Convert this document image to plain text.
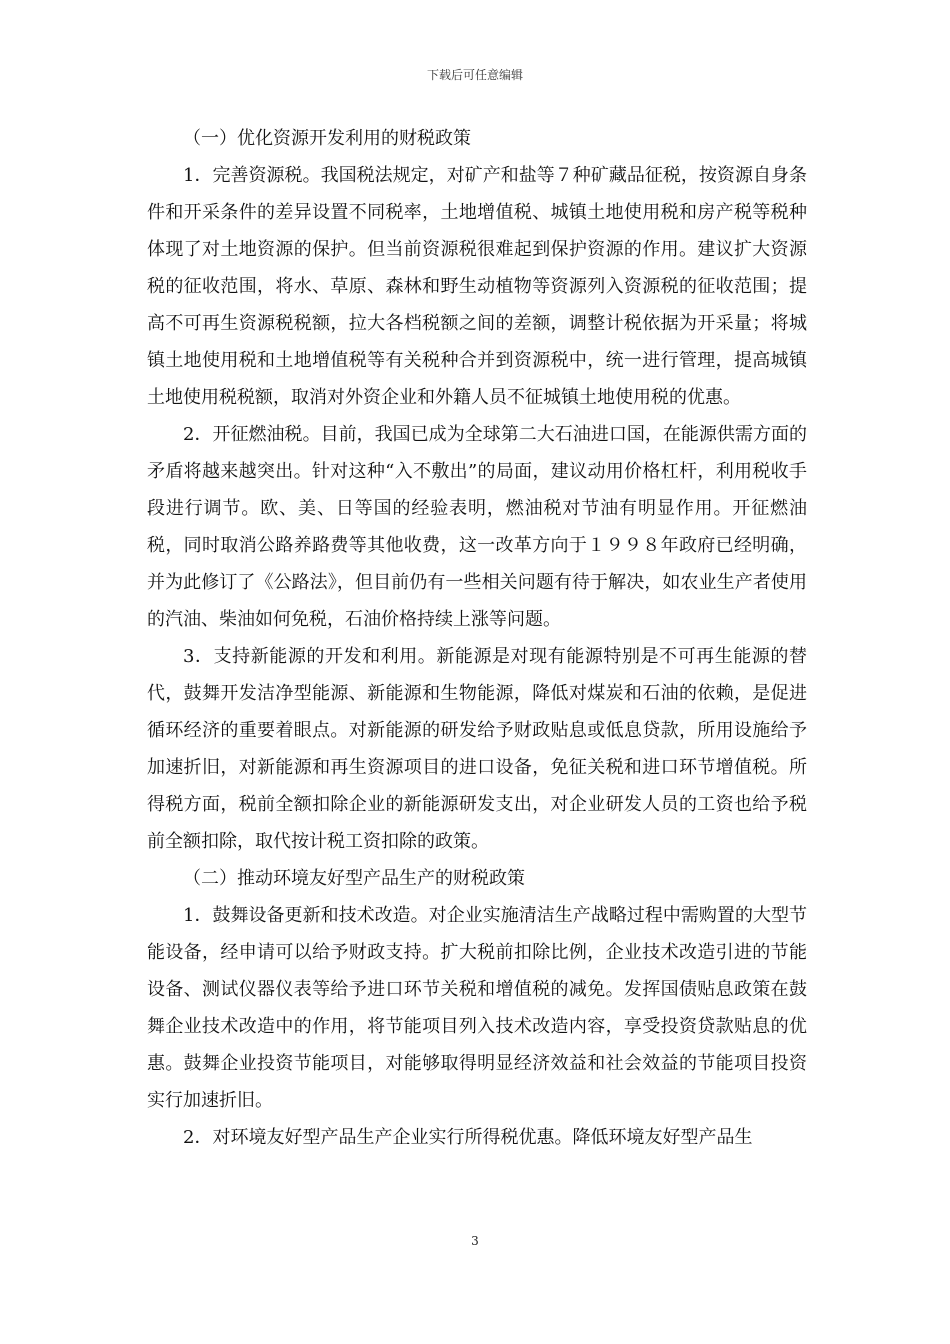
下载后可任意编辑
（一）优化资源开发利用的财税政策

1．完善资源税。我国税法规定，对矿产和盐等７种矿藏品征税，按资源自身条件和开采条件的差异设置不同税率，土地增值税、城镇土地使用税和房产税等税种体现了对土地资源的保护。但当前资源税很难起到保护资源的作用。建议扩大资源税的征收范围，将水、草原、森林和野生动植物等资源列入资源税的征收范围；提高不可再生资源税税额，拉大各档税额之间的差额，调整计税依据为开采量；将城镇土地使用税和土地增值税等有关税种合并到资源税中，统一进行管理，提高城镇土地使用税税额，取消对外资企业和外籍人员不征城镇土地使用税的优惠。

2．开征燃油税。目前，我国已成为全球第二大石油进口国，在能源供需方面的矛盾将越来越突出。针对这种“入不敷出”的局面，建议动用价格杠杆，利用税收手段进行调节。欧、美、日等国的经验表明，燃油税对节油有明显作用。开征燃油税，同时取消公路养路费等其他收费，这一改革方向于１９９８年政府已经明确，并为此修订了《公路法》，但目前仍有一些相关问题有待于解决，如农业生产者使用的汽油、柴油如何免税，石油价格持续上涨等问题。

3．支持新能源的开发和利用。新能源是对现有能源特别是不可再生能源的替代，鼓舞开发洁净型能源、新能源和生物能源，降低对煤炭和石油的依赖，是促进循环经济的重要着眼点。对新能源的研发给予财政贴息或低息贷款，所用设施给予加速折旧，对新能源和再生资源项目的进口设备，免征关税和进口环节增值税。所得税方面，税前全额扣除企业的新能源研发支出，对企业研发人员的工资也给予税前全额扣除，取代按计税工资扣除的政策。

（二）推动环境友好型产品生产的财税政策

1．鼓舞设备更新和技术改造。对企业实施清洁生产战略过程中需购置的大型节能设备，经申请可以给予财政支持。扩大税前扣除比例，企业技术改造引进的节能设备、测试仪器仪表等给予进口环节关税和增值税的减免。发挥国债贴息政策在鼓舞企业技术改造中的作用，将节能项目列入技术改造内容，享受投资贷款贴息的优惠。鼓舞企业投资节能项目，对能够取得明显经济效益和社会效益的节能项目投资实行加速折旧。

2．对环境友好型产品生产企业实行所得税优惠。降低环境友好型产品生

3
